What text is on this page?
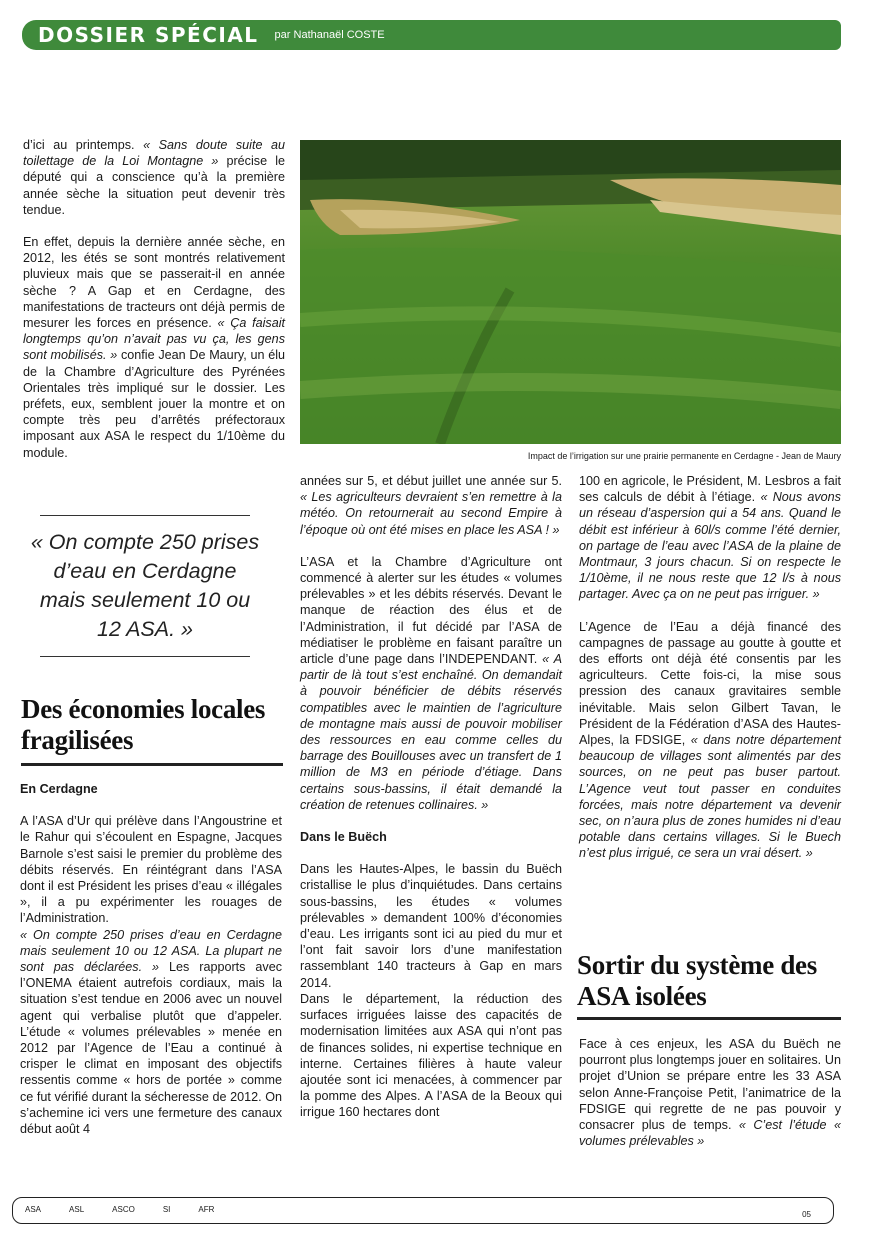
DOSSIER SPÉCIAL	par Nathanaël COSTE

d’ici au printemps. « Sans doute suite au toilettage de la Loi Montagne » précise le député qui a conscience qu’à la première année sèche la situation peut devenir très tendue.

En effet, depuis la dernière année sèche, en 2012, les étés se sont montrés relativement pluvieux mais que se passerait-il en année sèche ? A Gap et en Cerdagne, des manifestations de tracteurs ont déjà permis de mesurer les forces en présence. « Ça faisait longtemps qu’on n’avait pas vu ça, les gens sont mobilisés. » confie Jean De Maury, un élu de la Chambre d’Agriculture des Pyrénées Orientales très impliqué sur le dossier. Les préfets, eux, semblent jouer la montre et on compte très peu d’arrêtés préfectoraux imposant aux ASA le respect du 1/10ème du module.

« On compte 250 prises d’eau en Cerdagne mais seulement 10 ou 12 ASA. »
Des économies locales fragilisées

En Cerdagne

A l’ASA d’Ur qui prélève dans l’Angoustrine et le Rahur qui s’écoulent en Espagne, Jacques Barnole s’est saisi le premier du problème des débits réservés. En réintégrant dans l’ASA dont il est Président les prises d’eau « illégales », il a pu expérimenter les rouages de l’Administration.

« On compte 250 prises d’eau en Cerdagne mais seulement 10 ou 12 ASA. La plupart ne sont pas déclarées. » Les rapports avec l’ONEMA étaient autrefois cordiaux, mais la situation s’est tendue en 2006 avec un nouvel agent qui verbalise plutôt que d’appeler. L’étude « volumes prélevables » menée en 2012 par l’Agence de l’Eau a continué à crisper le climat en imposant des objectifs ressentis comme « hors de portée » comme ce fut vérifié durant la sécheresse de 2012. On s’achemine ici vers une fermeture des canaux début août 4

Impact de l’irrigation sur une prairie permanente en Cerdagne - Jean de Maury

années sur 5, et début juillet une année sur 5. « Les agriculteurs devraient s’en remettre à la météo. On retournerait au second Empire à l’époque où ont été mises en place les ASA ! »

L’ASA et la Chambre d’Agriculture ont commencé à alerter sur les études « volumes prélevables » et les débits réservés. Devant le manque de réaction des élus et de l’Administration, il fut décidé par l’ASA de médiatiser le problème en faisant paraître un article d’une page dans l’INDEPENDANT. « A partir de là tout s’est enchaîné. On demandait à pouvoir bénéficier de débits réservés compatibles avec le maintien de l’agriculture de montagne mais aussi de pouvoir mobiliser des ressources en eau comme celles du barrage des Bouillouses avec un transfert de 1 million de M3 en période d’étiage. Dans certains sous-bassins, il était demandé la création de retenues collinaires. »

Dans le Buëch

Dans les Hautes-Alpes, le bassin du Buëch cristallise le plus d’inquiétudes. Dans certains sous-bassins, les études « volumes prélevables » demandent 100% d’économies d’eau. Les irrigants sont ici au pied du mur et l’ont fait savoir lors d’une manifestation rassemblant 140 tracteurs à Gap en mars 2014.

Dans le département, la réduction des surfaces irriguées laisse des capacités de modernisation limitées aux ASA qui n’ont pas de finances solides, ni expertise technique en interne. Certaines filières à haute valeur ajoutée sont ici menacées, à commencer par la pomme des Alpes. A l’ASA de la Beoux qui irrigue 160 hectares dont

100 en agricole, le Président, M. Lesbros a fait ses calculs de débit à l’étiage. « Nous avons un réseau d’aspersion qui a 54 ans. Quand le débit est inférieur à 60l/s comme l’été dernier, on partage de l’eau avec l’ASA de la plaine de Montmaur, 3 jours chacun. Si on respecte le 1/10ème, il ne nous reste que 12 l/s à nous partager. Avec ça on ne peut pas irriguer. »

L’Agence de l’Eau a déjà financé des campagnes de passage au goutte à goutte et des efforts ont déjà été consentis par les agriculteurs. Cette fois-ci, la mise sous pression des canaux gravitaires semble inévitable. Mais selon Gilbert Tavan, le Président de la Fédération d’ASA des Hautes-Alpes, la FDSIGE, « dans notre département beaucoup de villages sont alimentés par des sources, on ne peut pas buser partout. L’Agence veut tout passer en conduites forcées, mais notre département va devenir sec, on n’aura plus de zones humides ni d’eau potable dans certains villages. Si le Buech n’est plus irrigué, ce sera un vrai désert. »

Sortir du système des ASA isolées

Face à ces enjeux, les ASA du Buëch ne pourront plus longtemps jouer en solitaires. Un projet d’Union se prépare entre les 33 ASA selon Anne-Françoise Petit, l’animatrice de la FDSIGE qui regrette de ne pas pouvoir y consacrer plus de temps. « C’est l’étude « volumes prélevables »

ASA	ASL	ASCO	SI	AFR
05
